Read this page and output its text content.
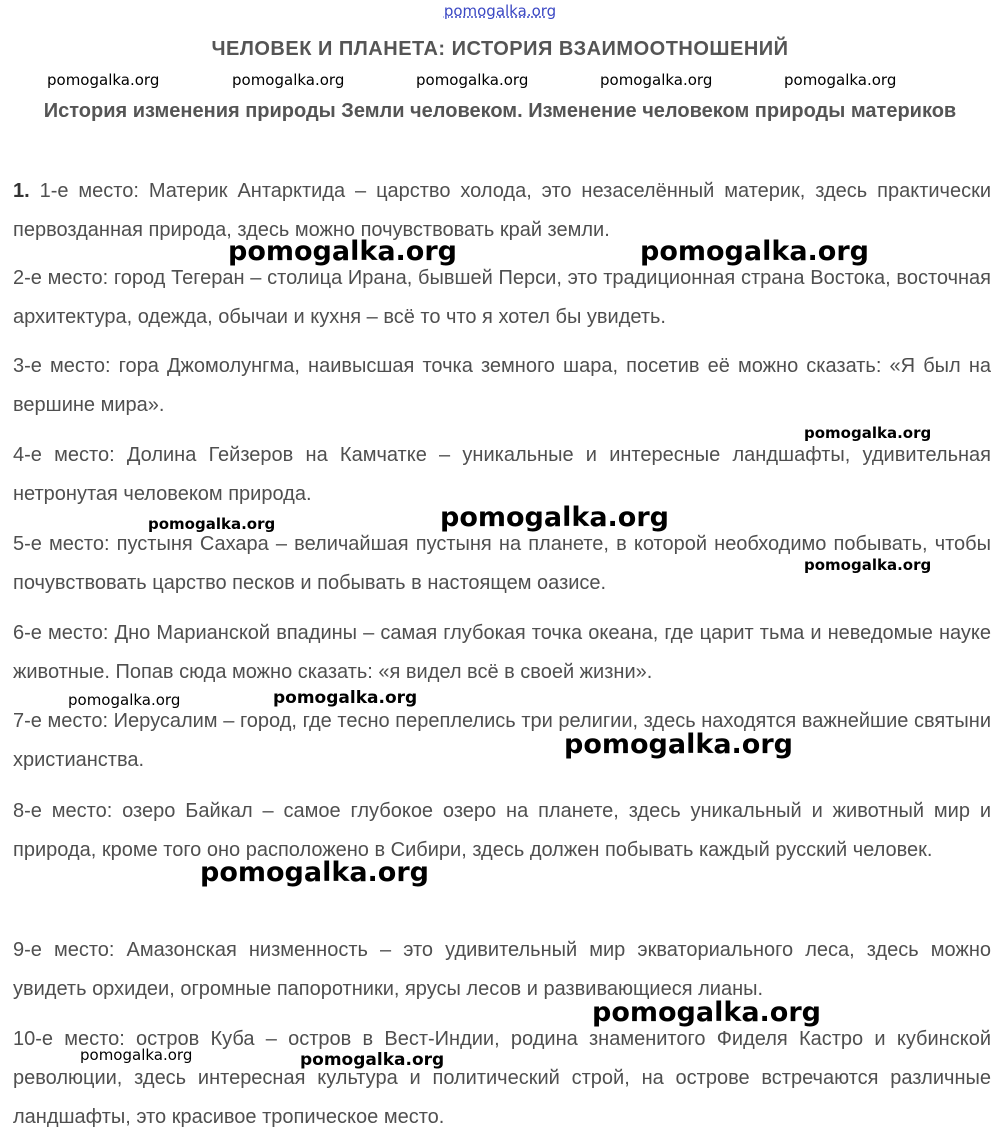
pomogalka.org
ЧЕЛОВЕК И ПЛАНЕТА: ИСТОРИЯ ВЗАИМООТНОШЕНИЙ
История изменения природы Земли человеком. Изменение человеком природы материков
1. 1-е место: Материк Антарктида – царство холода, это незаселённый материк, здесь практически первозданная природа, здесь можно почувствовать край земли.
2-е место: город Тегеран – столица Ирана, бывшей Перси, это традиционная страна Востока, восточная архитектура, одежда, обычаи и кухня – всё то что я хотел бы увидеть.
3-е место: гора Джомолунгма, наивысшая точка земного шара, посетив её можно сказать: «Я был на вершине мира».
4-е место: Долина Гейзеров на Камчатке – уникальные и интересные ландшафты, удивительная нетронутая человеком природа.
5-е место: пустыня Сахара – величайшая пустыня на планете, в которой необходимо побывать, чтобы почувствовать царство песков и побывать в настоящем оазисе.
6-е место: Дно Марианской впадины – самая глубокая точка океана, где царит тьма и неведомые науке животные. Попав сюда можно сказать: «я видел всё в своей жизни».
7-е место: Иерусалим – город, где тесно переплелись три религии, здесь находятся важнейшие святыни христианства.
8-е место: озеро Байкал – самое глубокое озеро на планете, здесь уникальный и животный мир и природа, кроме того оно расположено в Сибири, здесь должен побывать каждый русский человек.
9-е место: Амазонская низменность – это удивительный мир экваториального леса, здесь можно увидеть орхидеи, огромные папоротники, ярусы лесов и развивающиеся лианы.
10-е место: остров Куба – остров в Вест-Индии, родина знаменитого Фиделя Кастро и кубинской революции, здесь интересная культура и политический строй, на острове встречаются различные ландшафты, это красивое тропическое место.
pomogalka.org	pomogalka.org	pomogalka.org	pomogalka.org	pomogalka.org
pomogalka.org	pomogalka.org
pomogalka.org
pomogalka.org	pomogalka.org
pomogalka.org
pomogalka.org	pomogalka.org
pomogalka.org
pomogalka.org
pomogalka.org
pomogalka.org	pomogalka.org
